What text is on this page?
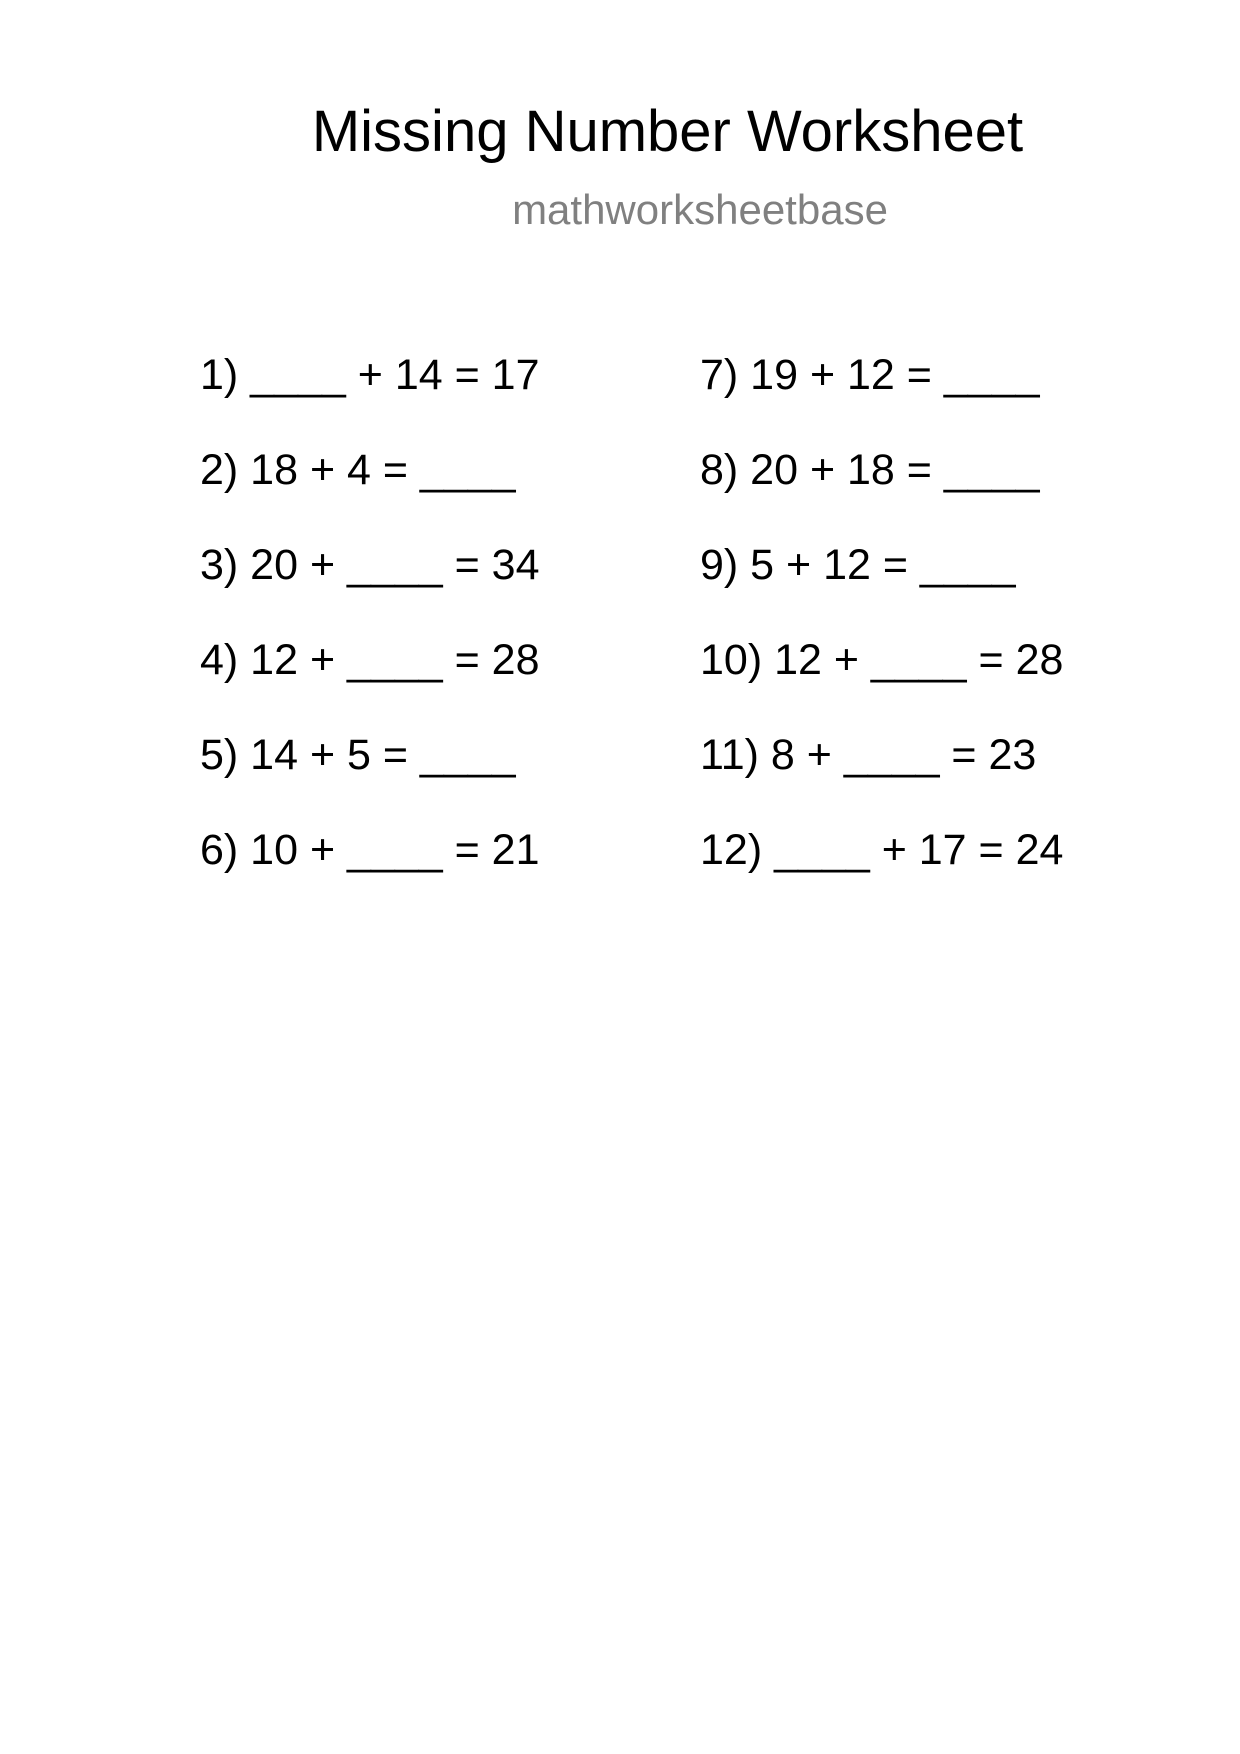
Missing Number Worksheet
mathworksheetbase
1) ____ + 14 = 17
2) 18 + 4 = ____
3) 20 + ____ = 34
4) 12 + ____ = 28
5) 14 + 5 = ____
6) 10 + ____ = 21
7) 19 + 12 = ____
8) 20 + 18 = ____
9) 5 + 12 = ____
10) 12 + ____ = 28
11) 8 + ____ = 23
12) ____ + 17 = 24
